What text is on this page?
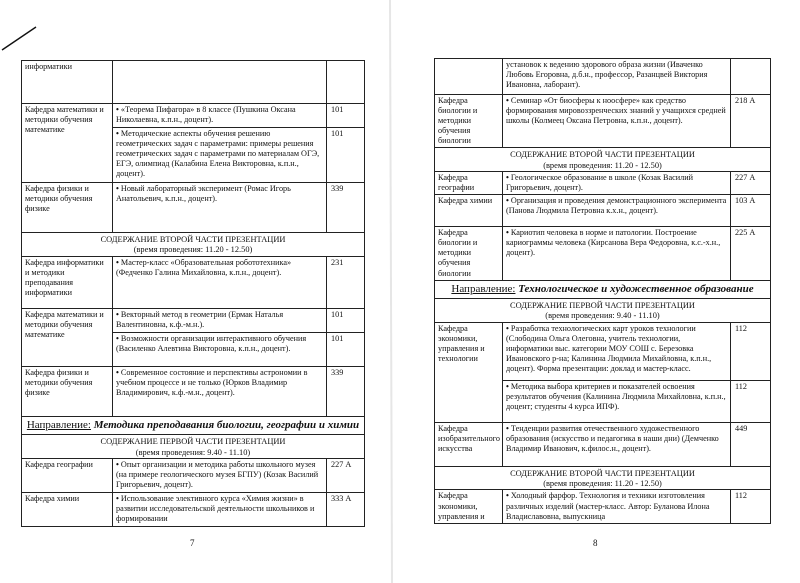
информатики		
Кафедра математики и методики обучения математике	• «Теорема Пифагора» в 8 классе (Пушкина Оксана Николаевна, к.п.н., доцент).	101
	• Методические аспекты обучения решению геометрических задач с параметрами: примеры решения геометрических задач с параметрами по материалам ОГЭ, ЕГЭ, олимпиад (Калабина Елена Викторовна, к.п.н., доцент).	101
Кафедра физики и методики обучения физике	• Новый лабораторный эксперимент (Ромас Игорь Анатольевич, к.п.н., доцент).	339

СОДЕРЖАНИЕ ВТОРОЙ ЧАСТИ ПРЕЗЕНТАЦИИ
(время проведения: 11.20 - 12.50)		

Кафедра информатики и методики преподавания информатики	• Мастер-класс «Образовательная робототехника» (Федченко Галина Михайловна, к.п.н., доцент).	231
Кафедра математики и методики обучения математике	• Векторный метод в геометрии (Ермак Наталья Валентиновна, к.ф.-м.н.).	101
	• Возможности организации интерактивного обучения (Василенко Алевтина Викторовна, к.п.н., доцент).	101
Кафедра физики и методики обучения физике	• Современное состояние и перспективы астрономии в учебном процессе и не только (Юрков Владимир Владимирович, к.ф.-м.н., доцент).	339
Направление: Методика преподавания биологии, географии и химии		

СОДЕРЖАНИЕ ПЕРВОЙ ЧАСТИ ПРЕЗЕНТАЦИИ
(время проведения: 9.40 - 11.10)		

Кафедра географии	• Опыт организации и методика работы школьного музея (на примере геологического музея БГПУ) (Козак Василий Григорьевич, доцент).	227 А
Кафедра химии	• Использование элективного курса «Химия жизни» в развитии исследовательской деятельности школьников и формировании	333 А
7
	установок к ведению здорового образа жизни (Иваченко Любовь Егоровна, д.б.н., профессор, Разанцвей Виктория Ивановна, лаборант).	
Кафедра биологии и методики обучения биологии	• Семинар «От биосферы к ноосфере» как средство формирования мировоззренческих знаний у учащихся средней школы (Колмеец Оксана Петровна, к.п.н., доцент).	218 А

СОДЕРЖАНИЕ ВТОРОЙ ЧАСТИ ПРЕЗЕНТАЦИИ
(время проведения: 11.20 - 12.50)		

Кафедра географии	• Геологическое образование в школе (Козак Василий Григорьевич, доцент).	227 А
Кафедра химии	• Организация и проведения демонстрационного эксперимента (Панова Людмила Петровна к.х.н., доцент).	103 А
Кафедра биологии и методики обучения биологии	• Кариотип человека в норме и патологии. Построение кариограммы человека (Кирсанова Вера Федоровна, к.с.-х.н., доцент).	225 А
Направление: Технологическое и художественное образование		

СОДЕРЖАНИЕ ПЕРВОЙ ЧАСТИ ПРЕЗЕНТАЦИИ
(время проведения: 9.40 - 11.10)		

Кафедра экономики, управления и технологии	• Разработка технологических карт уроков технологии (Слободина Ольга Олеговна, учитель технологии, информатики выс. категории МОУ СОШ с. Березовка Ивановского р-на; Калинина Людмила Михайловна, к.п.н., доцент). Форма презентации: доклад и мастер-класс.	112
	• Методика выбора критериев и показателей освоения результатов обучения (Калинина Людмила Михайловна, к.п.н., доцент; студенты 4 курса ИПФ).	112
Кафедра изобразительного искусства	• Тенденции развития отечественного художественного образования (искусство и педагогика в наши дни) (Демченко Владимир Иванович, к.филос.н., доцент).	449

СОДЕРЖАНИЕ ВТОРОЙ ЧАСТИ ПРЕЗЕНТАЦИИ
(время проведения: 11.20 - 12.50)		

Кафедра экономики, управления и	• Холодный фарфор. Технология и техники изготовления различных изделий (мастер-класс. Автор: Буланова Илона Владиславовна, выпускница	112
8
